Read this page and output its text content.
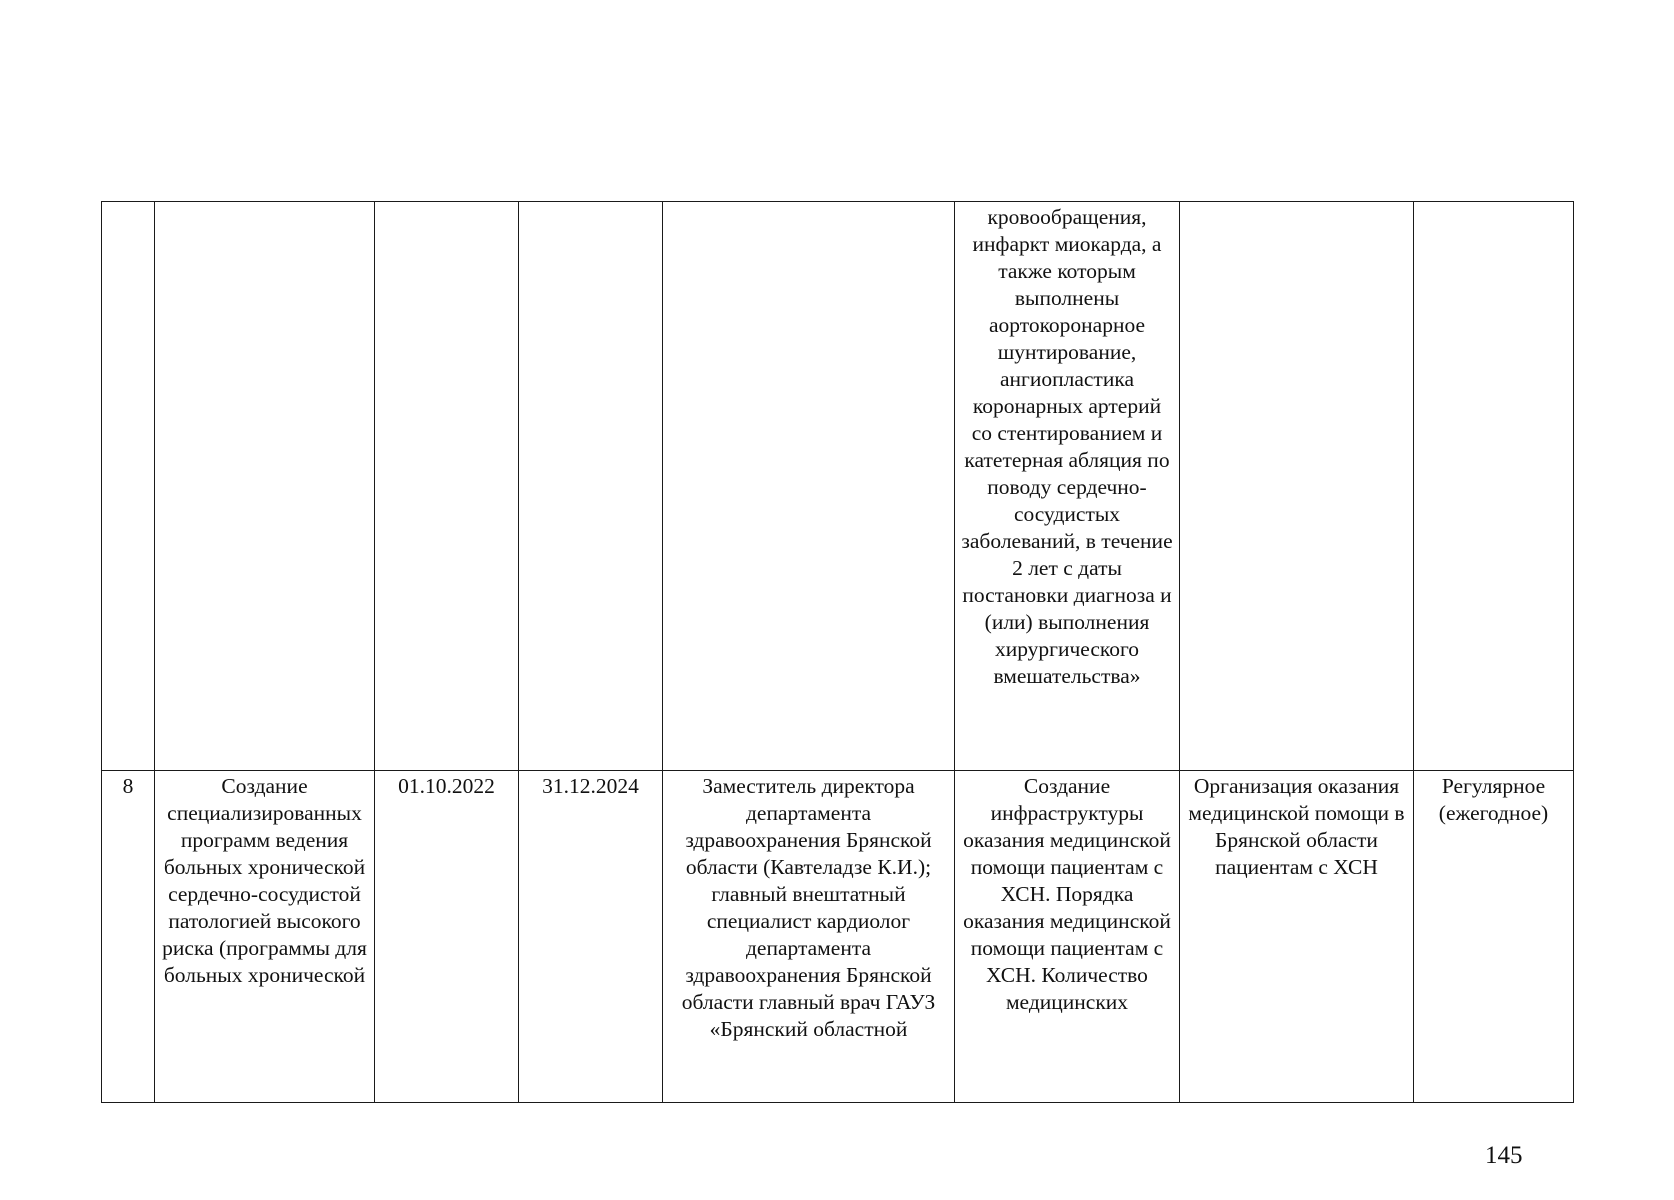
					кровообращения, инфаркт миокарда, а также которым выполнены аортокоронарное шунтирование, ангиопластика коронарных артерий со стентированием и катетерная абляция по поводу сердечно-сосудистых заболеваний, в течение 2 лет с даты постановки диагноза и (или) выполнения хирургического вмешательства»		

8	Создание специализированных программ ведения больных хронической сердечно-сосудистой патологией высокого риска (программы для больных хронической	01.10.2022	31.12.2024	Заместитель директора департамента здравоохранения Брянской области (Кавтеладзе К.И.); главный внештатный специалист кардиолог департамента здравоохранения Брянской области главный врач ГАУЗ «Брянский областной	Создание инфраструктуры оказания медицинской помощи пациентам с ХСН. Порядка оказания медицинской помощи пациентам с ХСН. Количество медицинских	Организация оказания медицинской помощи в Брянской области пациентам с ХСН	Регулярное (ежегодное)
145
